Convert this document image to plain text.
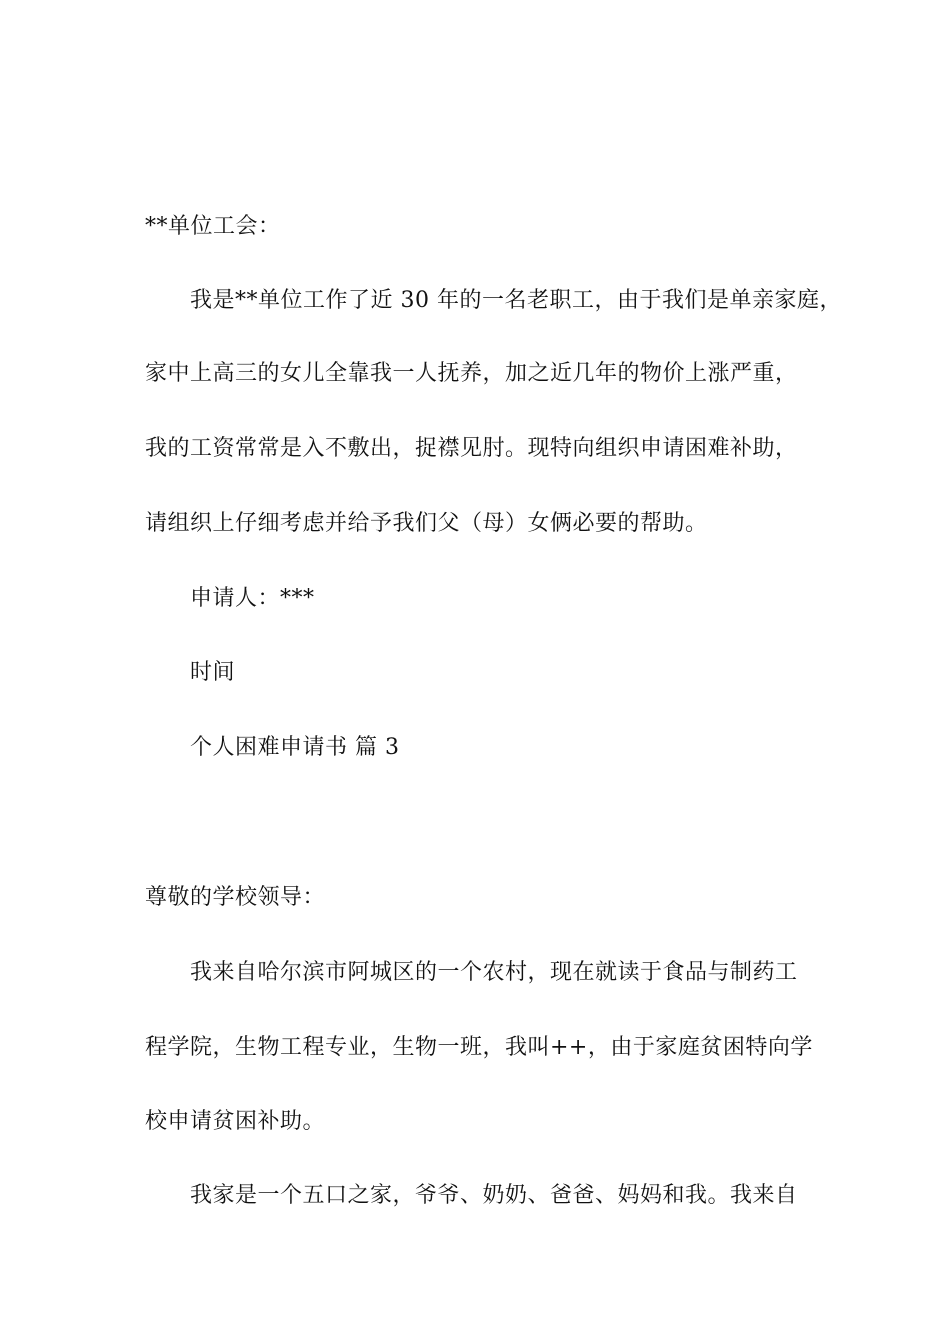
**单位工会：
我是**单位工作了近 30 年的一名老职工，由于我们是单亲家庭，
家中上高三的女儿全靠我一人抚养，加之近几年的物价上涨严重，
我的工资常常是入不敷出，捉襟见肘。现特向组织申请困难补助，
请组织上仔细考虑并给予我们父（母）女俩必要的帮助。
申请人：***
时间
个人困难申请书 篇 3
尊敬的学校领导：
我来自哈尔滨市阿城区的一个农村，现在就读于食品与制药工
程学院，生物工程专业，生物一班，我叫++，由于家庭贫困特向学
校申请贫困补助。
我家是一个五口之家，爷爷、奶奶、爸爸、妈妈和我。我来自
